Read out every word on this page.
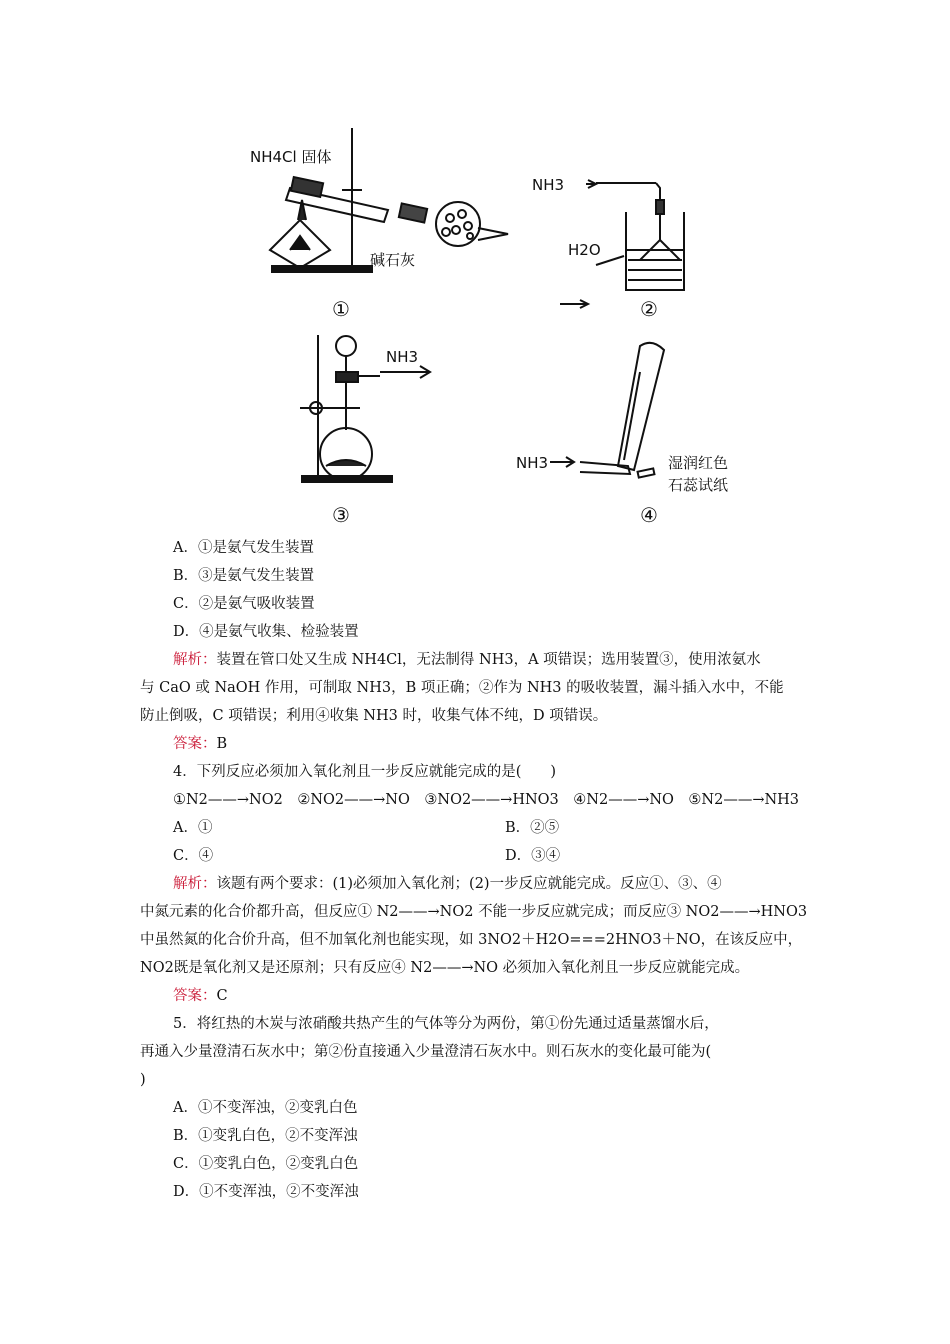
NH4Cl 固体
碱石灰
NH3
H2O
NH3
NH3	湿润红色
石蕊试纸
①	②
③	④
A．①是氨气发生装置
B．③是氨气发生装置
C．②是氨气吸收装置
D．④是氨气收集、检验装置
解析：装置在管口处又生成 NH4Cl，无法制得 NH3，A 项错误；选用装置③，使用浓氨水
与 CaO 或 NaOH 作用，可制取 NH3，B 项正确；②作为 NH3 的吸收装置，漏斗插入水中，不能
防止倒吸，C 项错误；利用④收集 NH3 时，收集气体不纯，D 项错误。
答案：B
4．下列反应必须加入氧化剂且一步反应就能完成的是(　　)
①N2——→NO2　②NO2——→NO　③NO2——→HNO3　④N2——→NO　⑤N2——→NH3
A．①	B．②⑤
C．④	D．③④
解析：该题有两个要求：(1)必须加入氧化剂；(2)一步反应就能完成。反应①、③、④
中氮元素的化合价都升高，但反应① N2——→NO2 不能一步反应就完成；而反应③ NO2——→HNO3
中虽然氮的化合价升高，但不加氧化剂也能实现，如 3NO2＋H2O===2HNO3＋NO，在该反应中，
NO2既是氧化剂又是还原剂；只有反应④ N2——→NO 必须加入氧化剂且一步反应就能完成。
答案：C
5．将红热的木炭与浓硝酸共热产生的气体等分为两份，第①份先通过适量蒸馏水后，
再通入少量澄清石灰水中；第②份直接通入少量澄清石灰水中。则石灰水的变化最可能为(
)
A．①不变浑浊，②变乳白色
B．①变乳白色，②不变浑浊
C．①变乳白色，②变乳白色
D．①不变浑浊，②不变浑浊
